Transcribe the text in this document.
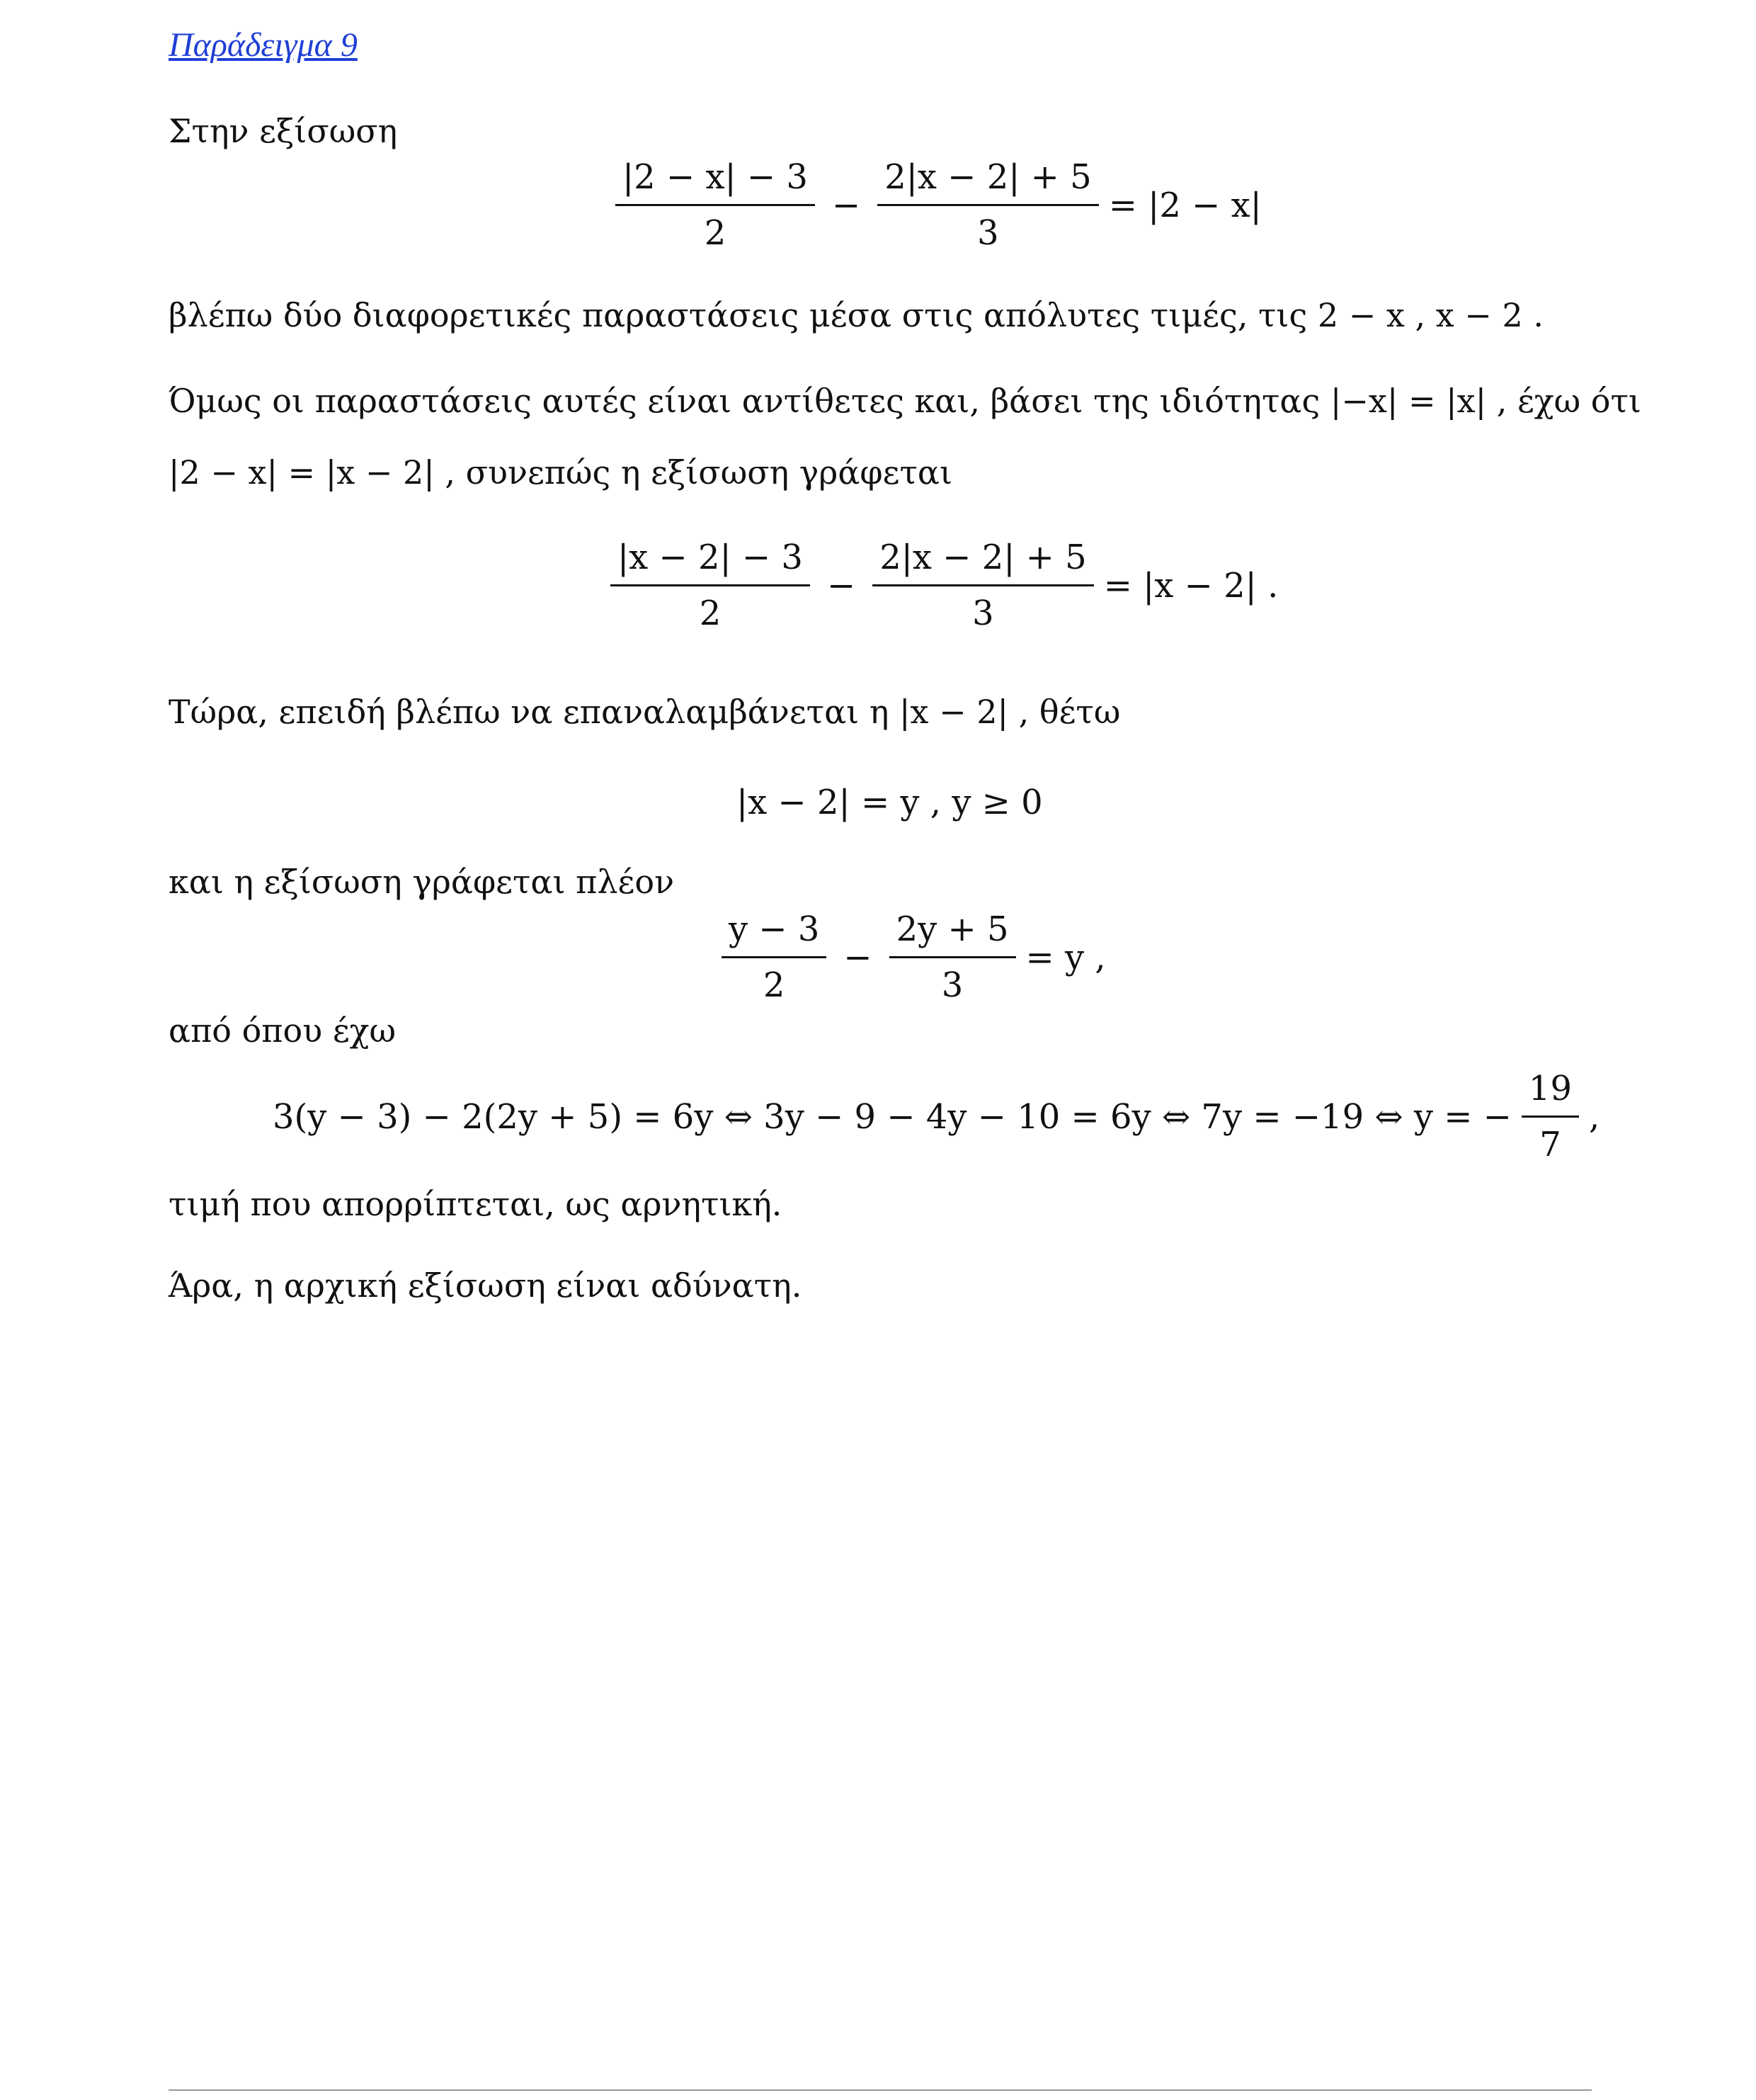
Παράδειγμα 9
Στην εξίσωση
$\frac{|2 - x| - 3}{2} - \frac{2|x - 2| + 5}{3} = |2 - x|$
βλέπω δύο διαφορετικές παραστάσεις μέσα στις απόλυτες τιμές, τις 2 − x , x − 2 .
Όμως οι παραστάσεις αυτές είναι αντίθετες και, βάσει της ιδιότητας |−x| = |x| , έχω ότι
|2 − x| = |x − 2| , συνεπώς η εξίσωση γράφεται
$\frac{|x - 2| - 3}{2} - \frac{2|x - 2| + 5}{3} = |x - 2|$ .
Τώρα, επειδή βλέπω να επαναλαμβάνεται η |x − 2| , θέτω
|x − 2| = y , y ≥ 0
και η εξίσωση γράφεται πλέον
$\frac{y - 3}{2} - \frac{2y + 5}{3} = y$ ,
από όπου έχω
3(y − 3) − 2(2y + 5) = 6y ⇔ 3y − 9 − 4y − 10 = 6y ⇔ 7y = −19 ⇔ y = − $\frac{19}{7}$ ,
τιμή που απορρίπτεται, ως αρνητική.
Άρα, η αρχική εξίσωση είναι αδύνατη.
